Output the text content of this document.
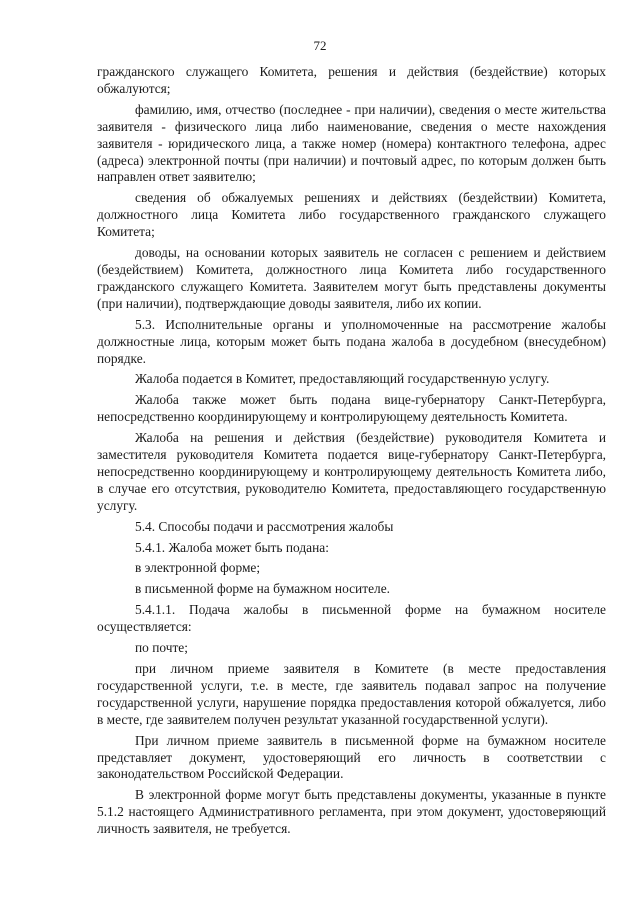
72

гражданского служащего Комитета, решения и действия (бездействие) которых обжалуются;

фамилию, имя, отчество (последнее - при наличии), сведения о месте жительства заявителя - физического лица либо наименование, сведения о месте нахождения заявителя - юридического лица, а также номер (номера) контактного телефона, адрес (адреса) электронной почты (при наличии) и почтовый адрес, по которым должен быть направлен ответ заявителю;

сведения об обжалуемых решениях и действиях (бездействии) Комитета, должностного лица Комитета либо государственного гражданского служащего Комитета;

доводы, на основании которых заявитель не согласен с решением и действием (бездействием) Комитета, должностного лица Комитета либо государственного гражданского служащего Комитета. Заявителем могут быть представлены документы (при наличии), подтверждающие доводы заявителя, либо их копии.

5.3. Исполнительные органы и уполномоченные на рассмотрение жалобы должностные лица, которым может быть подана жалоба в досудебном (внесудебном) порядке.

Жалоба подается в Комитет, предоставляющий государственную услугу.

Жалоба также может быть подана вице-губернатору Санкт-Петербурга, непосредственно координирующему и контролирующему деятельность Комитета.

Жалоба на решения и действия (бездействие) руководителя Комитета и заместителя руководителя Комитета подается вице-губернатору Санкт-Петербурга, непосредственно координирующему и контролирующему деятельность Комитета либо, в случае его отсутствия, руководителю Комитета, предоставляющего государственную услугу.

5.4. Способы подачи и рассмотрения жалобы

5.4.1. Жалоба может быть подана:

в электронной форме;

в письменной форме на бумажном носителе.

5.4.1.1. Подача жалобы в письменной форме на бумажном носителе осуществляется:

по почте;

при личном приеме заявителя в Комитете (в месте предоставления государственной услуги, т.е. в месте, где заявитель подавал запрос на получение государственной услуги, нарушение порядка предоставления которой обжалуется, либо в месте, где заявителем получен результат указанной государственной услуги).

При личном приеме заявитель в письменной форме на бумажном носителе представляет документ, удостоверяющий его личность в соответствии с законодательством Российской Федерации.

В электронной форме могут быть представлены документы, указанные в пункте 5.1.2 настоящего Административного регламента, при этом документ, удостоверяющий личность заявителя, не требуется.
